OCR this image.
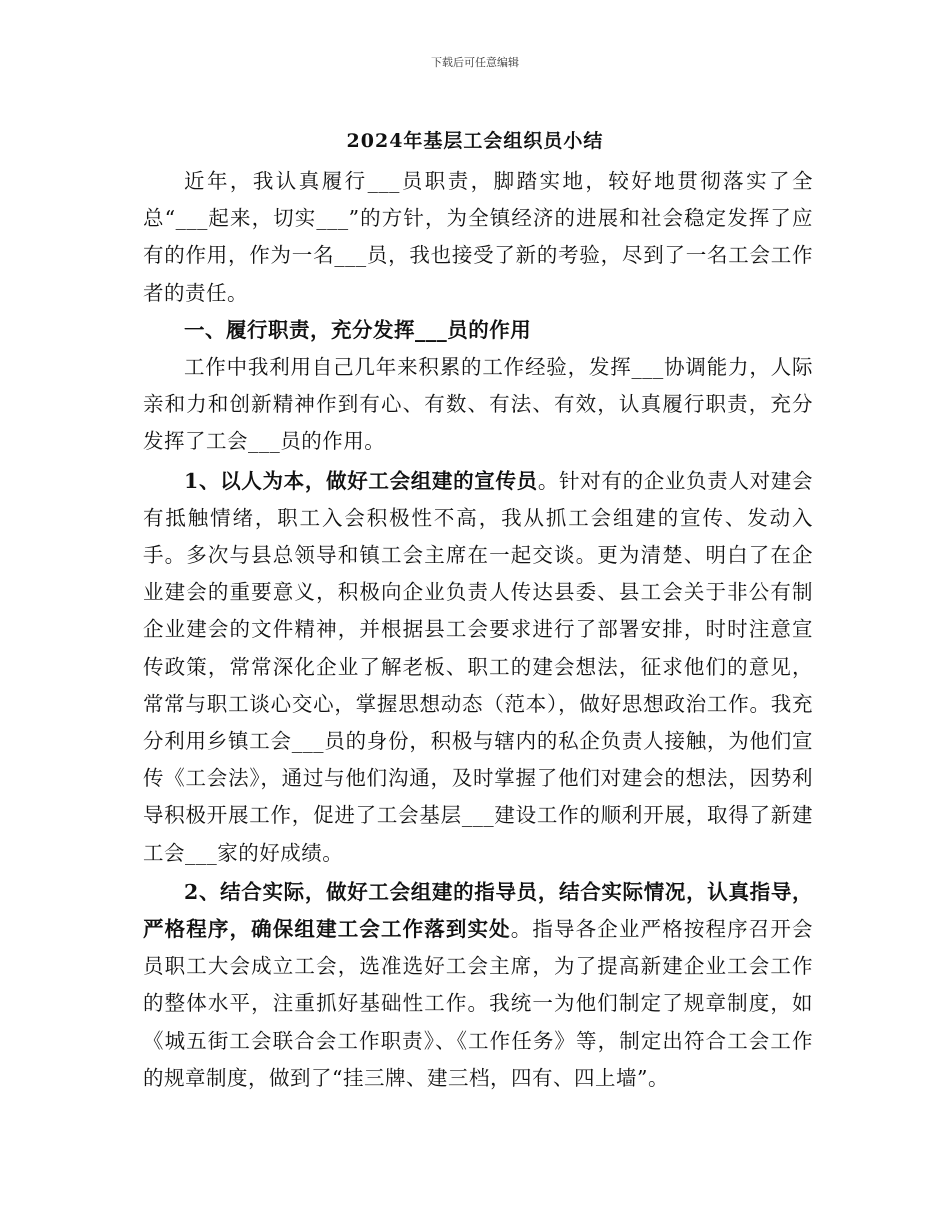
下载后可任意编辑
2024年基层工会组织员小结

近年，我认真履行___员职责，脚踏实地，较好地贯彻落实了全总“___起来，切实___”的方针，为全镇经济的进展和社会稳定发挥了应有的作用，作为一名___员，我也接受了新的考验，尽到了一名工会工作者的责任。

一、履行职责，充分发挥___员的作用

工作中我利用自己几年来积累的工作经验，发挥___协调能力，人际亲和力和创新精神作到有心、有数、有法、有效，认真履行职责，充分发挥了工会___员的作用。

1、以人为本，做好工会组建的宣传员。针对有的企业负责人对建会有抵触情绪，职工入会积极性不高，我从抓工会组建的宣传、发动入手。多次与县总领导和镇工会主席在一起交谈。更为清楚、明白了在企业建会的重要意义，积极向企业负责人传达县委、县工会关于非公有制企业建会的文件精神，并根据县工会要求进行了部署安排，时时注意宣传政策，常常深化企业了解老板、职工的建会想法，征求他们的意见，常常与职工谈心交心，掌握思想动态（范本），做好思想政治工作。我充分利用乡镇工会___员的身份，积极与辖内的私企负责人接触，为他们宣传《工会法》，通过与他们沟通，及时掌握了他们对建会的想法，因势利导积极开展工作，促进了工会基层___建设工作的顺利开展，取得了新建工会___家的好成绩。

2、结合实际，做好工会组建的指导员，结合实际情况，认真指导，严格程序，确保组建工会工作落到实处。指导各企业严格按程序召开会员职工大会成立工会，选准选好工会主席，为了提高新建企业工会工作的整体水平，注重抓好基础性工作。我统一为他们制定了规章制度，如《城五街工会联合会工作职责》、《工作任务》等，制定出符合工会工作的规章制度，做到了“挂三牌、建三档，四有、四上墙”。
